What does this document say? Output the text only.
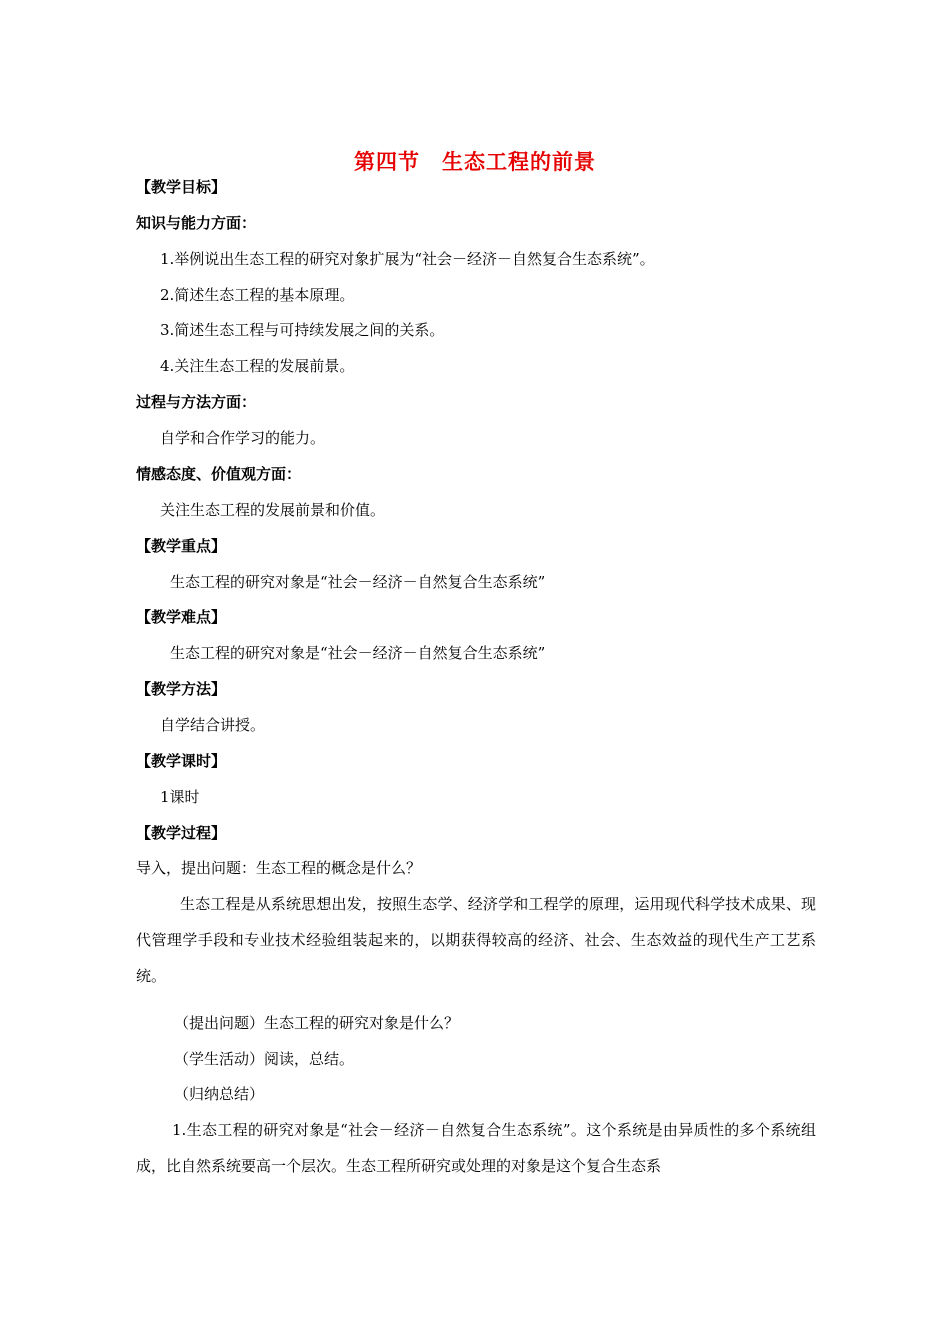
第四节　生态工程的前景
【教学目标】
知识与能力方面：
1.举例说出生态工程的研究对象扩展为“社会－经济－自然复合生态系统”。
2.简述生态工程的基本原理。
3.简述生态工程与可持续发展之间的关系。
4.关注生态工程的发展前景。
过程与方法方面：
自学和合作学习的能力。
情感态度、价值观方面：
关注生态工程的发展前景和价值。
【教学重点】
生态工程的研究对象是“社会－经济－自然复合生态系统”
【教学难点】
生态工程的研究对象是“社会－经济－自然复合生态系统”
【教学方法】
自学结合讲授。
【教学课时】
1课时
【教学过程】
导入，提出问题：生态工程的概念是什么？
生态工程是从系统思想出发，按照生态学、经济学和工程学的原理，运用现代科学技术成果、现代管理学手段和专业技术经验组装起来的，以期获得较高的经济、社会、生态效益的现代生产工艺系统。
（提出问题）生态工程的研究对象是什么？
（学生活动）阅读，总结。
（归纳总结）
1.生态工程的研究对象是“社会－经济－自然复合生态系统”。这个系统是由异质性的多个系统组成，比自然系统要高一个层次。生态工程所研究或处理的对象是这个复合生态系
